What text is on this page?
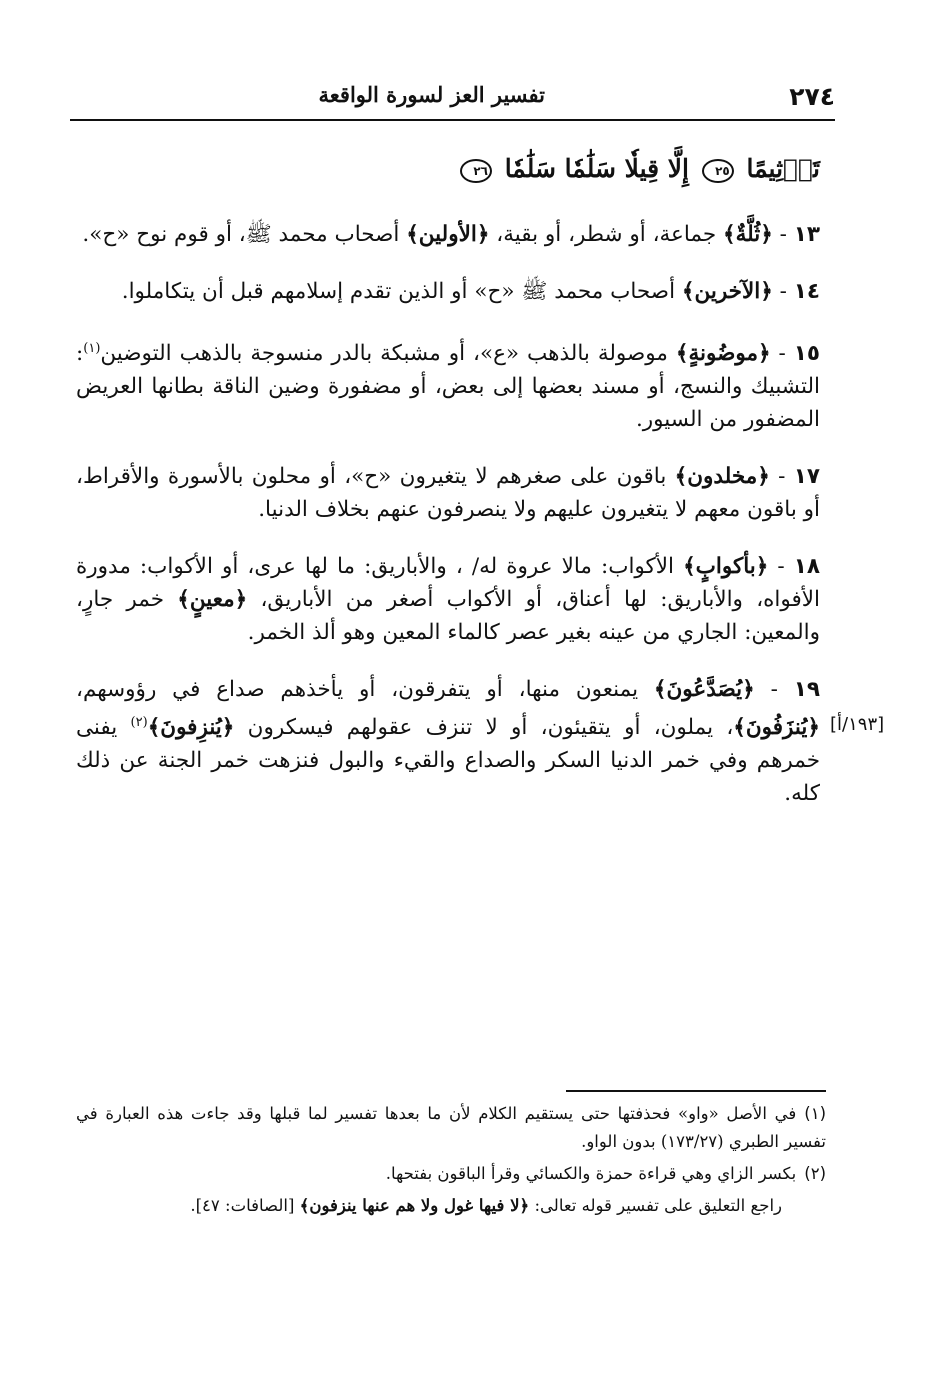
٢٧٤
تفسير العز لسورة الواقعة
تَأۡثِيمًا ٢٥ إِلَّا قِيلٗا سَلَٰمٗا سَلَٰمٗا ٢٦

١٣ - ﴿ثُلَّةٌ﴾ جماعة، أو شطر، أو بقية، ﴿الأولين﴾ أصحاب محمد ﷺ، أو قوم نوح «ح».

١٤ - ﴿الآخرين﴾ أصحاب محمد ﷺ «ح» أو الذين تقدم إسلامهم قبل أن يتكاملوا.

١٥ - ﴿موضُونةٍ﴾ موصولة بالذهب «ع»، أو مشبكة بالدر منسوجة بالذهب التوضين$^{(١)}$: التشبيك والنسج، أو مسند بعضها إلى بعض، أو مضفورة وضين الناقة بطانها العريض المضفور من السيور.

١٧ - ﴿مخلدون﴾ باقون على صغرهم لا يتغيرون «ح»، أو محلون بالأسورة والأقراط، أو باقون معهم لا يتغيرون عليهم ولا ينصرفون عنهم بخلاف الدنيا.

١٨ - ﴿بأكوابٍ﴾ الأكواب: مالا عروة له/ ، والأباريق: ما لها عرى، أو الأكواب: مدورة الأفواه، والأباريق: لها أعناق، أو الأكواب أصغر من الأباريق، ﴿معينٍ﴾ خمر جارٍ، والمعين: الجاري من عينه بغير عصر كالماء المعين وهو ألذ الخمر.

١٩ - ﴿يُصَدَّعُونَ﴾ يمنعون منها، أو يتفرقون، أو يأخذهم صداع في رؤوسهم، ﴿يُنزَفُونَ﴾، يملون، أو يتقيئون، أو لا تنزف عقولهم فيسكرون ﴿يُنزِفونَ﴾$^{(٢)}$ يفنى خمرهم وفي خمر الدنيا السكر والصداع والقيء والبول فنزهت خمر الجنة عن ذلك كله.

[١٩٣/أ]

(١)في الأصل «واو» فحذفتها حتى يستقيم الكلام لأن ما بعدها تفسير لما قبلها وقد جاءت هذه العبارة في تفسير الطبري (١٧٣/٢٧) بدون الواو.

(٢)بكسر الزاي وهي قراءة حمزة والكسائي وقرأ الباقون بفتحها.

راجع التعليق على تفسير قوله تعالى: ﴿لا فيها غول ولا هم عنها ينزفون﴾ [الصافات: ٤٧].
